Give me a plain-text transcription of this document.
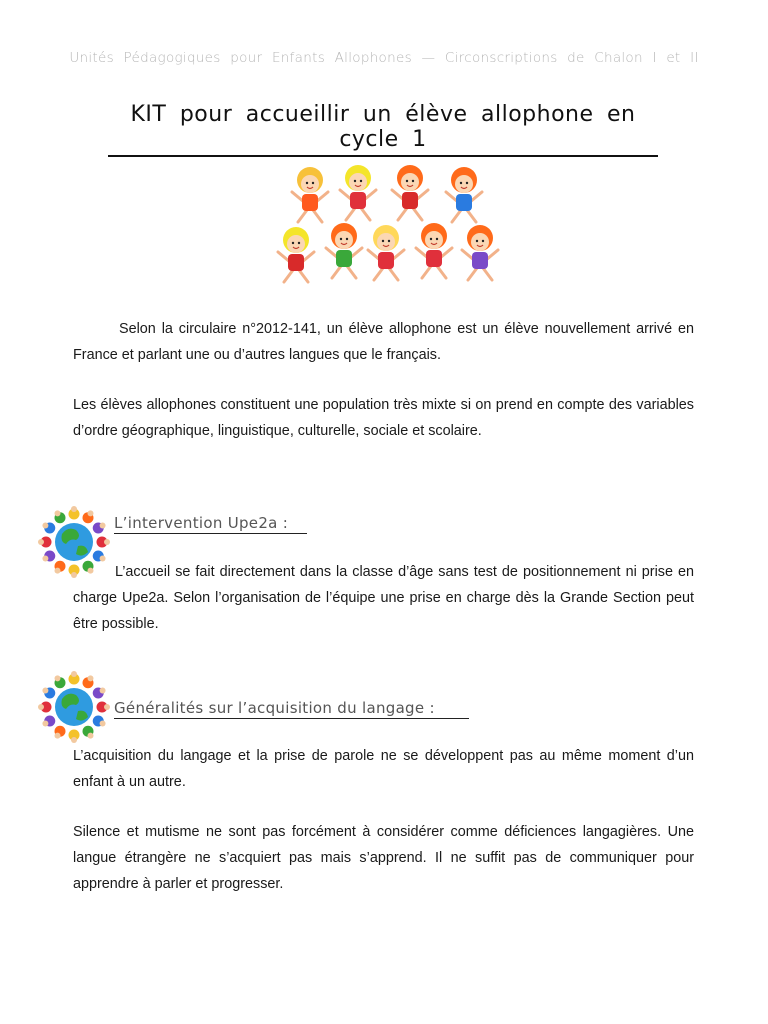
Unités Pédagogiques pour Enfants Allophones — Circonscriptions de Chalon I et II
KIT pour accueillir un élève allophone en cycle 1

Selon la circulaire n°2012-141, un élève allophone est un élève nouvellement arrivé en France et parlant une ou d’autres langues que le français.

Les élèves allophones constituent une population très mixte si on prend en compte des variables d’ordre géographique, linguistique, culturelle, sociale et scolaire.

L’intervention Upe2a :

L’accueil se fait directement dans la classe d’âge sans test de positionnement ni prise en charge Upe2a. Selon l’organisation de l’équipe une prise en charge dès la Grande Section peut être possible.

Généralités sur l’acquisition du langage :

L’acquisition du langage et la prise de parole ne se développent pas au même moment d’un enfant à un autre.

Silence et mutisme ne sont pas forcément à considérer comme déficiences langagières. Une langue étrangère ne s’acquiert pas mais s’apprend. Il ne suffit pas de communiquer pour apprendre à parler et progresser.
